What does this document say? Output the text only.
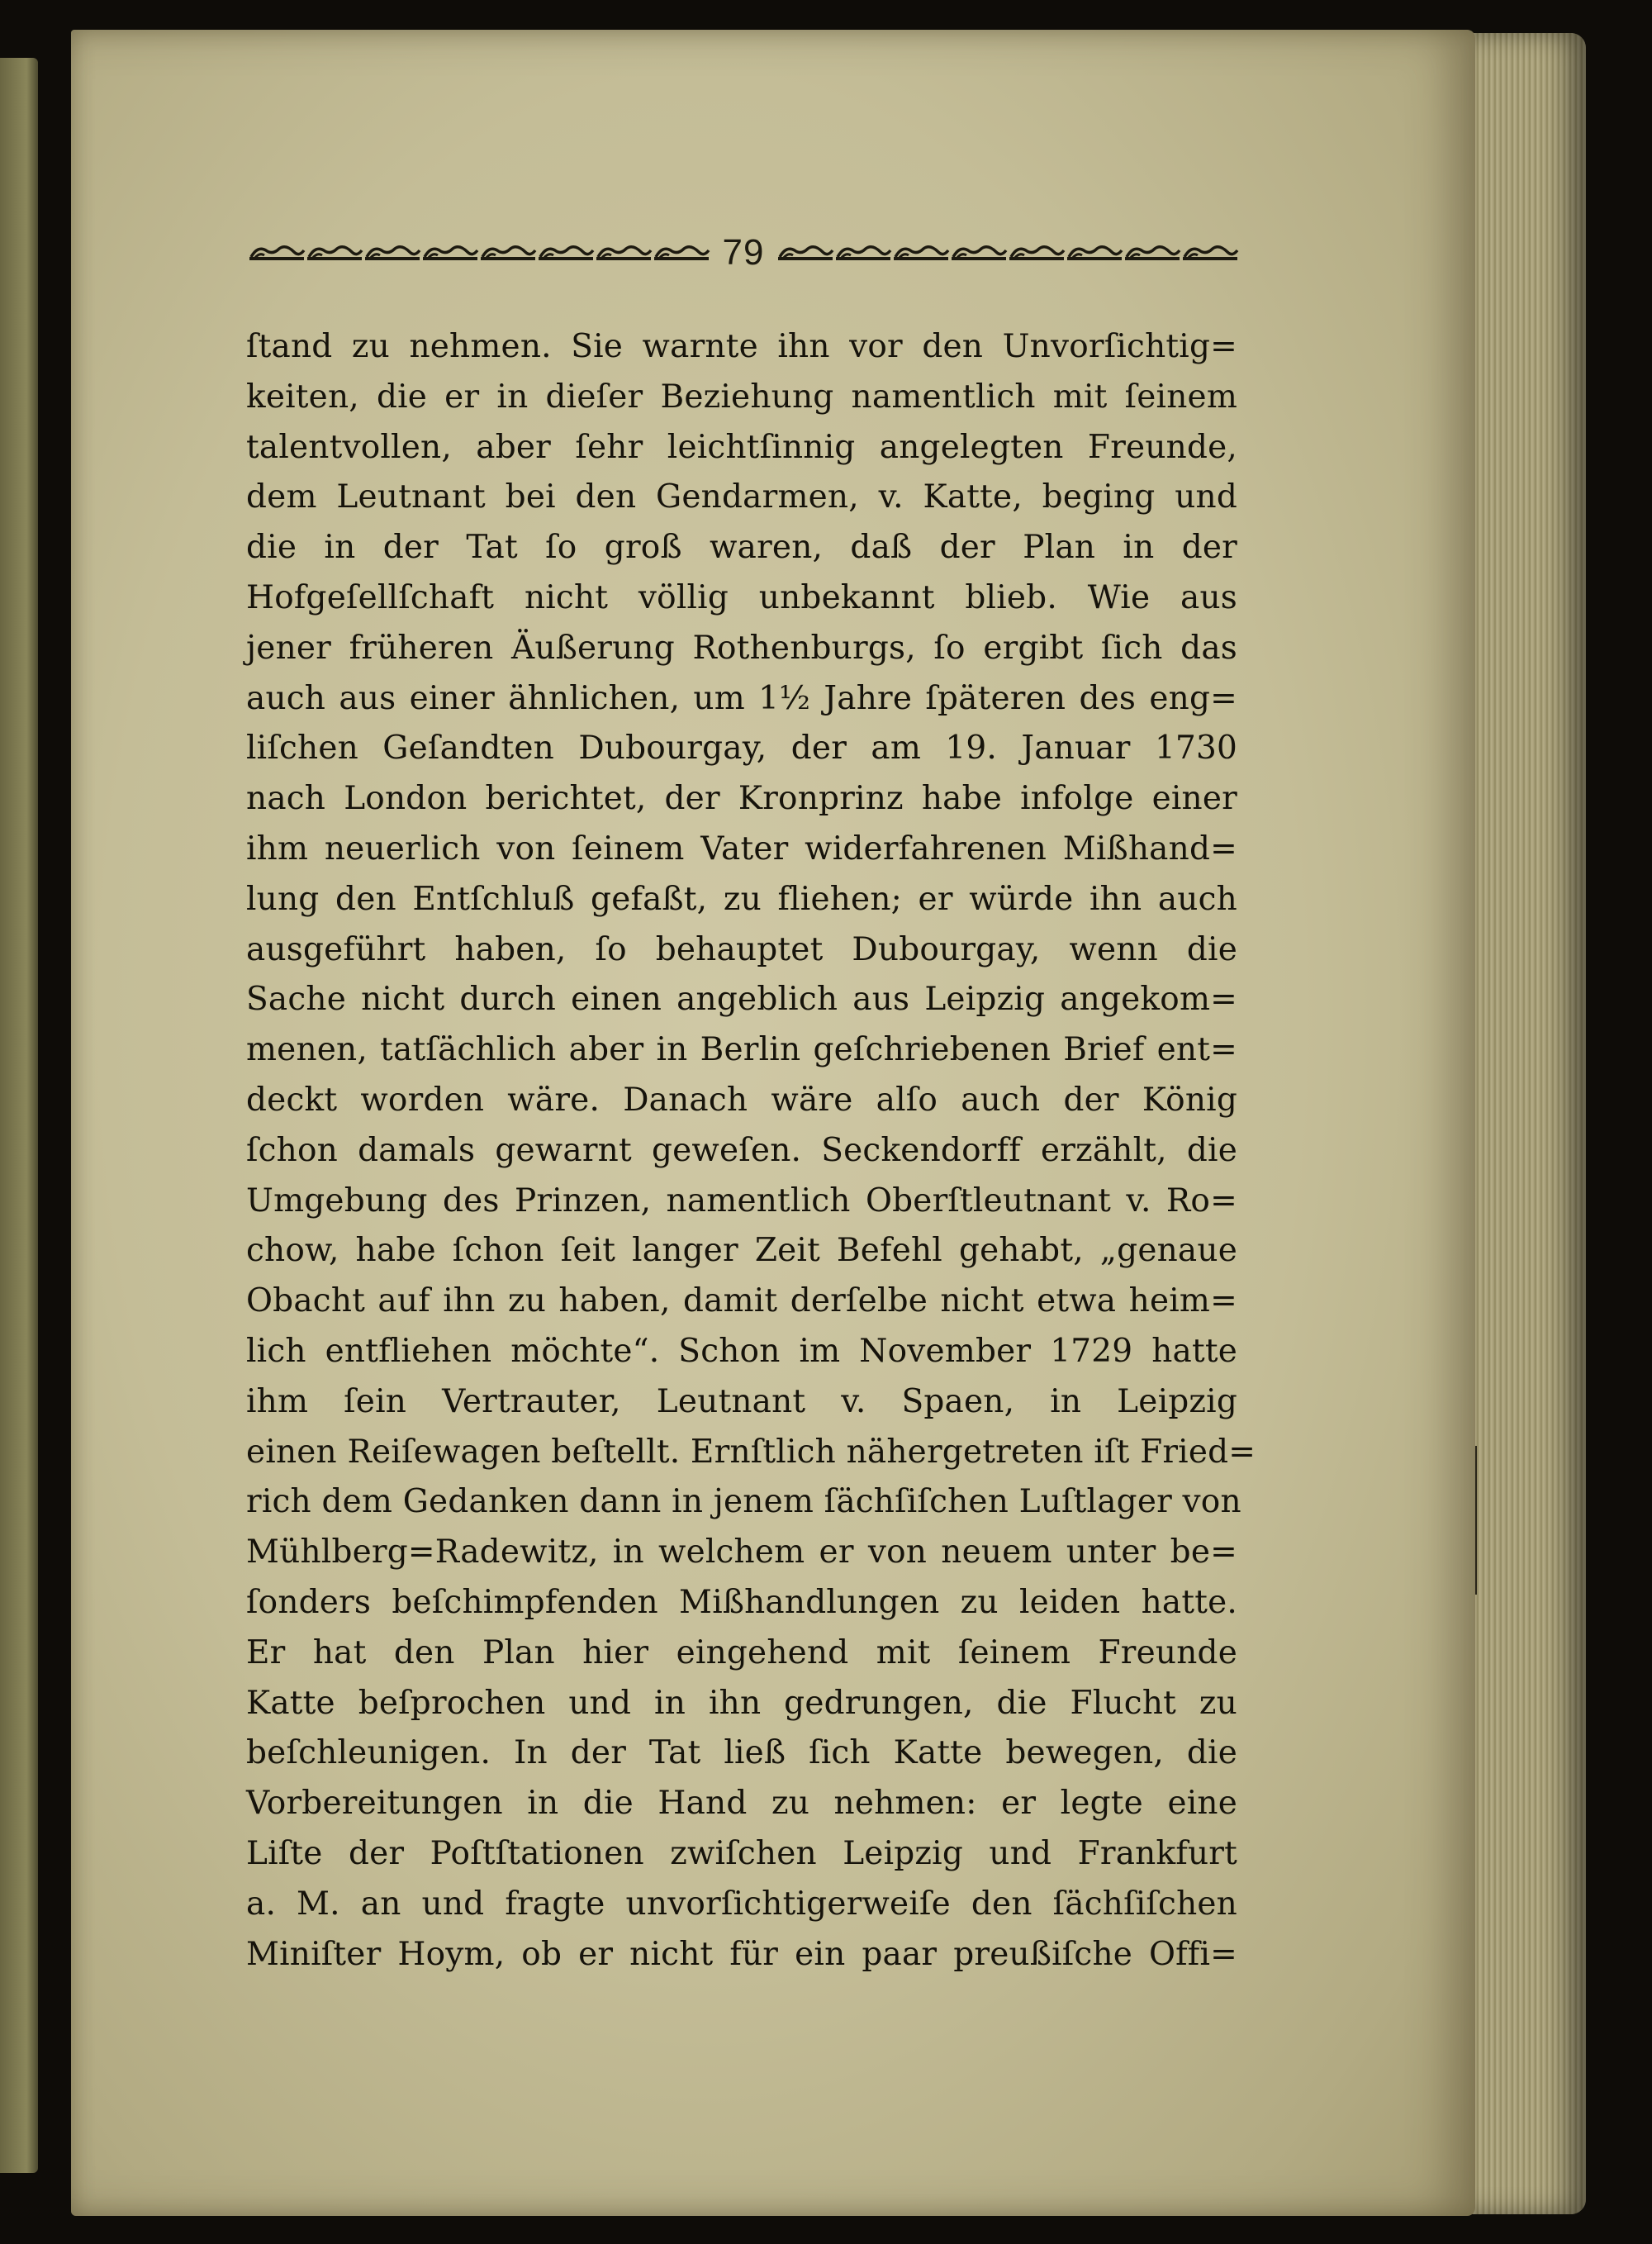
79
ſtand zu nehmen. Sie warnte ihn vor den Unvorſichtig=
keiten, die er in dieſer Beziehung namentlich mit ſeinem
talentvollen, aber ſehr leichtſinnig angelegten Freunde,
dem Leutnant bei den Gendarmen, v. Katte, beging und
die in der Tat ſo groß waren, daß der Plan in der
Hofgeſellſchaft nicht völlig unbekannt blieb. Wie aus
jener früheren Äußerung Rothenburgs, ſo ergibt ſich das
auch aus einer ähnlichen, um 1½ Jahre ſpäteren des eng=
liſchen Geſandten Dubourgay, der am 19. Januar 1730
nach London berichtet, der Kronprinz habe infolge einer
ihm neuerlich von ſeinem Vater widerfahrenen Mißhand=
lung den Entſchluß gefaßt, zu fliehen; er würde ihn auch
ausgeführt haben, ſo behauptet Dubourgay, wenn die
Sache nicht durch einen angeblich aus Leipzig angekom=
menen, tatſächlich aber in Berlin geſchriebenen Brief ent=
deckt worden wäre. Danach wäre alſo auch der König
ſchon damals gewarnt geweſen. Seckendorff erzählt, die
Umgebung des Prinzen, namentlich Oberſtleutnant v. Ro=
chow, habe ſchon ſeit langer Zeit Befehl gehabt, „genaue
Obacht auf ihn zu haben, damit derſelbe nicht etwa heim=
lich entfliehen möchte“. Schon im November 1729 hatte
ihm ſein Vertrauter, Leutnant v. Spaen, in Leipzig
einen Reiſewagen beſtellt. Ernſtlich nähergetreten iſt Fried=
rich dem Gedanken dann in jenem ſächſiſchen Luſtlager von
Mühlberg=Radewitz, in welchem er von neuem unter be=
ſonders beſchimpfenden Mißhandlungen zu leiden hatte.
Er hat den Plan hier eingehend mit ſeinem Freunde
Katte beſprochen und in ihn gedrungen, die Flucht zu
beſchleunigen. In der Tat ließ ſich Katte bewegen, die
Vorbereitungen in die Hand zu nehmen: er legte eine
Liſte der Poſtſtationen zwiſchen Leipzig und Frankfurt
a. M. an und fragte unvorſichtigerweiſe den ſächſiſchen
Miniſter Hoym, ob er nicht für ein paar preußiſche Offi=
